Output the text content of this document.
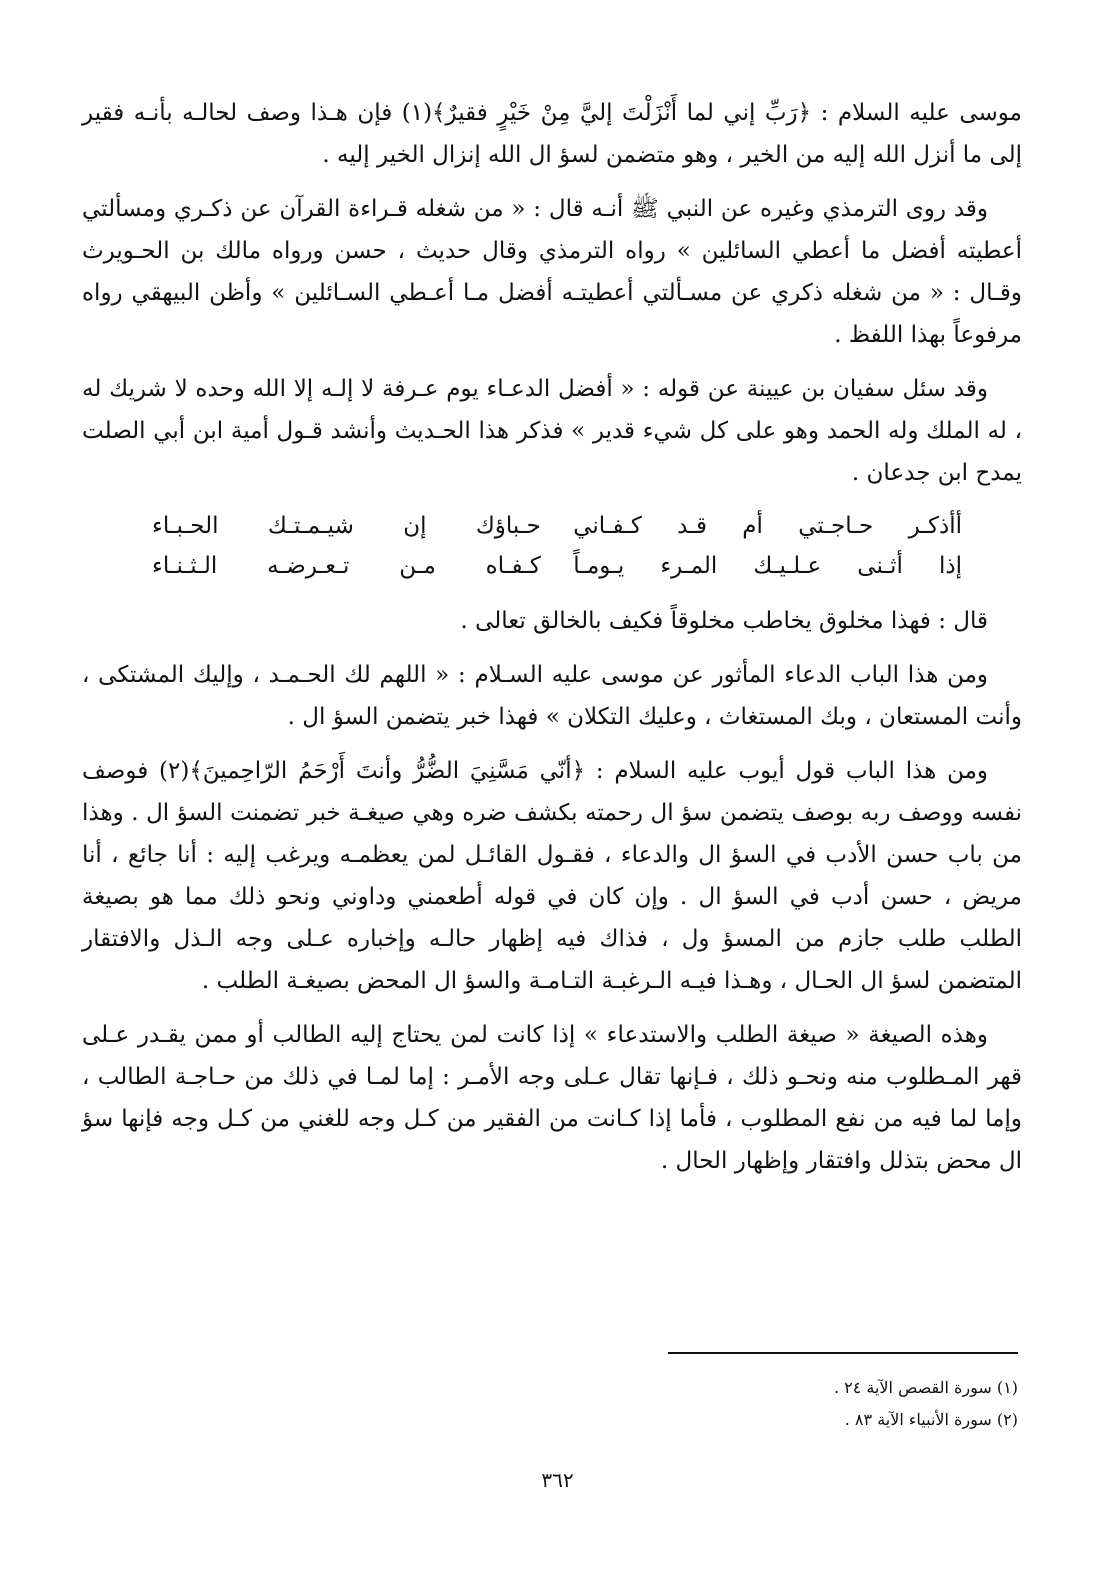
موسى عليه السلام : ﴿رَبِّ إني لما أَنْزَلْتَ إليَّ مِنْ خَيْرٍ فقيرٌ﴾(١) فإن هـذا وصف لحالـه بأنـه فقير إلى ما أنزل الله إليه من الخير ، وهو متضمن لسؤ ال الله إنزال الخير إليه .

وقد روى الترمذي وغيره عن النبي ﷺ أنـه قال : « من شغله قـراءة القرآن عن ذكـري ومسألتي أعطيته أفضل ما أعطي السائلين » رواه الترمذي وقال حديث ، حسن ورواه مالك بن الحـويرث وقـال : « من شغله ذكري عن مسـألتي أعطيتـه أفضل مـا أعـطي السـائلين » وأظن البيهقي رواه مرفوعاً بهذا اللفظ .

وقد سئل سفيان بن عيينة عن قوله : « أفضل الدعـاء يوم عـرفة لا إلـه إلا الله وحده لا شريك له ، له الملك وله الحمد وهو على كل شيء قدير » فذكر هذا الحـديث وأنشد قـول أمية ابن أبي الصلت يمدح ابن جدعان .

أأذكـر حـاجـتي أم قـد كـفـاني
حـباؤك إن شيـمـتـك الحـبـاء
إذا أثـنى عـلـيـك المـرء يـومـاً
كـفـاه مـن تـعـرضـه الـثـنـاء

قال : فهذا مخلوق يخاطب مخلوقاً فكيف بالخالق تعالى .

ومن هذا الباب الدعاء المأثور عن موسى عليه السـلام : « اللهم لك الحـمـد ، وإليك المشتكى ، وأنت المستعان ، وبك المستغاث ، وعليك التكلان » فهذا خبر يتضمن السؤ ال .

ومن هذا الباب قول أيوب عليه السلام : ﴿أنّي مَسَّنِيَ الضُّرُّ وأنتَ أَرْحَمُ الرّاحِمينَ﴾(٢) فوصف نفسه ووصف ربه بوصف يتضمن سؤ ال رحمته بكشف ضره وهي صيغـة خبر تضمنت السؤ ال . وهذا من باب حسن الأدب في السؤ ال والدعاء ، فقـول القائـل لمن يعظمـه ويرغب إليه : أنا جائع ، أنا مريض ، حسن أدب في السؤ ال . وإن كان في قوله أطعمني وداوني ونحو ذلك مما هو بصيغة الطلب طلب جازم من المسؤ ول ، فذاك فيه إظهار حالـه وإخباره عـلى وجه الـذل والافتقار المتضمن لسؤ ال الحـال ، وهـذا فيـه الـرغبـة التـامـة والسؤ ال المحض بصيغـة الطلب .

وهذه الصيغة « صيغة الطلب والاستدعاء » إذا كانت لمن يحتاج إليه الطالب أو ممن يقـدر عـلى قهر المـطلوب منه ونحـو ذلك ، فـإنها تقال عـلى وجه الأمـر : إما لمـا في ذلك من حـاجـة الطالب ، وإما لما فيه من نفع المطلوب ، فأما إذا كـانت من الفقير من كـل وجه للغني من كـل وجه فإنها سؤ ال محض بتذلل وافتقار وإظهار الحال .

(١) سورة القصص الآية ٢٤ .

(٢) سورة الأنبياء الآية ٨٣ .

٣٦٢
